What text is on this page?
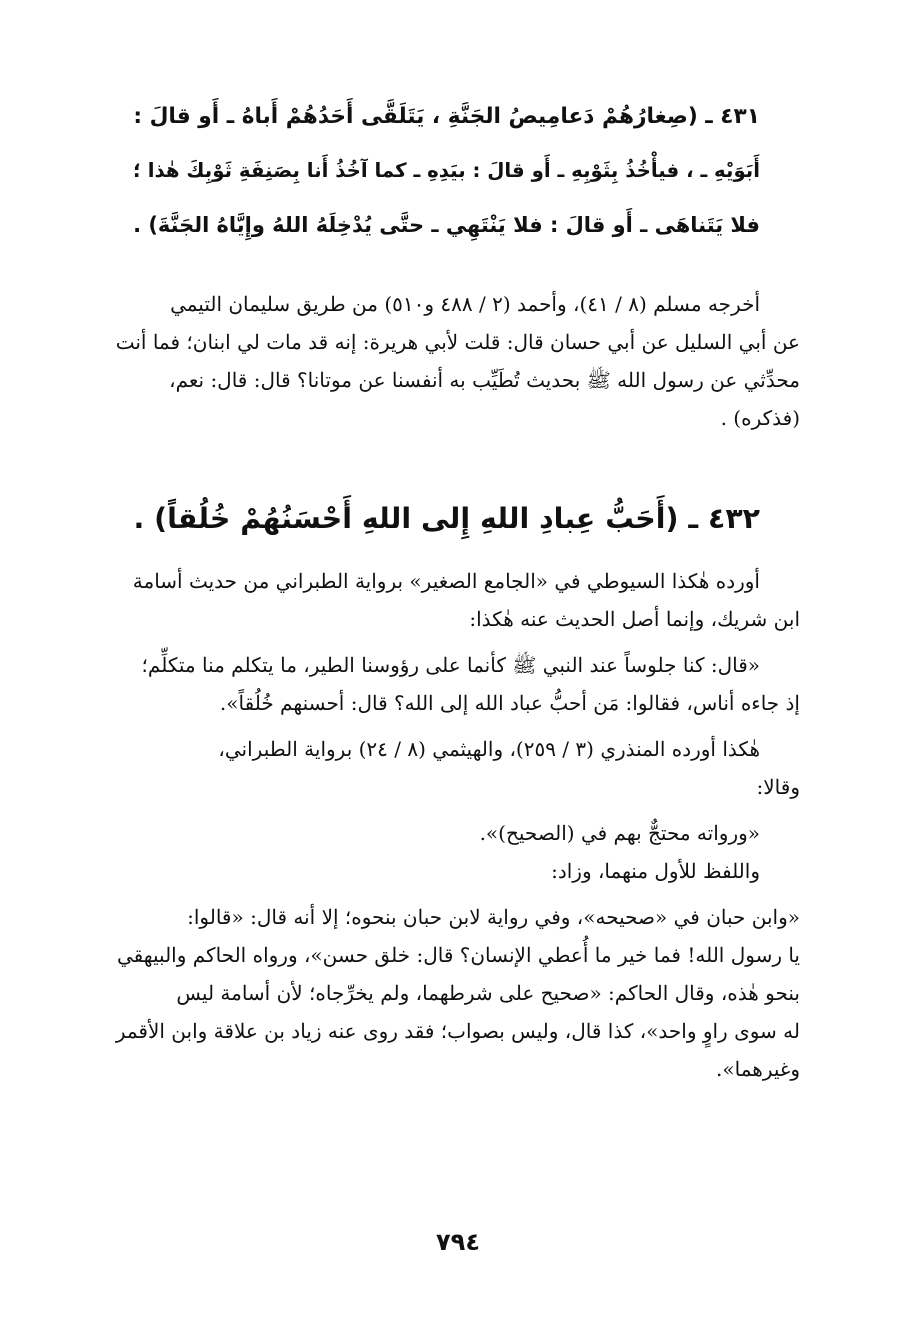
٤٣١ ـ (صِغارُهُمْ دَعامِيصُ الجَنَّةِ ، يَتَلَقَّى أَحَدُهُمْ أَباهُ ـ أَو قالَ :
أَبَوَيْهِ ـ ، فيأْخُذُ بِثَوْبِهِ ـ أَو قالَ : بيَدِهِ ـ كما آخُذُ أَنا بِصَنِفَةِ ثَوْبِكَ هٰذا ؛
فلا يَتَناهَى ـ أَو قالَ : فلا يَنْتَهِي ـ حتَّى يُدْخِلَهُ اللهُ وإِيَّاهُ الجَنَّةَ) .
أخرجه مسلم (٨ / ٤١)، وأحمد (٢ / ٤٨٨ و٥١٠) من طريق سليمان التيمي
عن أبي السليل عن أبي حسان قال: قلت لأبي هريرة: إنه قد مات لي ابنان؛ فما أنت
محدِّثي عن رسول الله ﷺ بحديث تُطَيِّب به أنفسنا عن موتانا؟ قال: قال: نعم،
(فذكره) .
٤٣٢ ـ (أَحَبُّ عِبادِ اللهِ إِلى اللهِ أَحْسَنُهُمْ خُلُقاً) .
أورده هٰكذا السيوطي في «الجامع الصغير» برواية الطبراني من حديث أسامة
ابن شريك، وإنما أصل الحديث عنه هٰكذا:
«قال: كنا جلوساً عند النبي ﷺ كأنما على رؤوسنا الطير، ما يتكلم منا متكلِّم؛
إذ جاءه أناس، فقالوا: مَن أحبُّ عباد الله إلى الله؟ قال: أحسنهم خُلُقاً».
هٰكذا أورده المنذري (٣ / ٢٥٩)، والهيثمي (٨ / ٢٤) برواية الطبراني،
وقالا:
«ورواته محتجٌّ بهم في (الصحيح)».
واللفظ للأول منهما، وزاد:
«وابن حبان في «صحيحه»، وفي رواية لابن حبان بنحوه؛ إلا أنه قال: «قالوا:
يا رسول الله! فما خير ما أُعطي الإنسان؟ قال: خلق حسن»، ورواه الحاكم والبيهقي
بنحو هٰذه، وقال الحاكم: «صحيح على شرطهما، ولم يخرِّجاه؛ لأن أسامة ليس
له سوى راوٍ واحد»، كذا قال، وليس بصواب؛ فقد روى عنه زياد بن علاقة وابن الأقمر
وغيرهما».
٧٩٤
